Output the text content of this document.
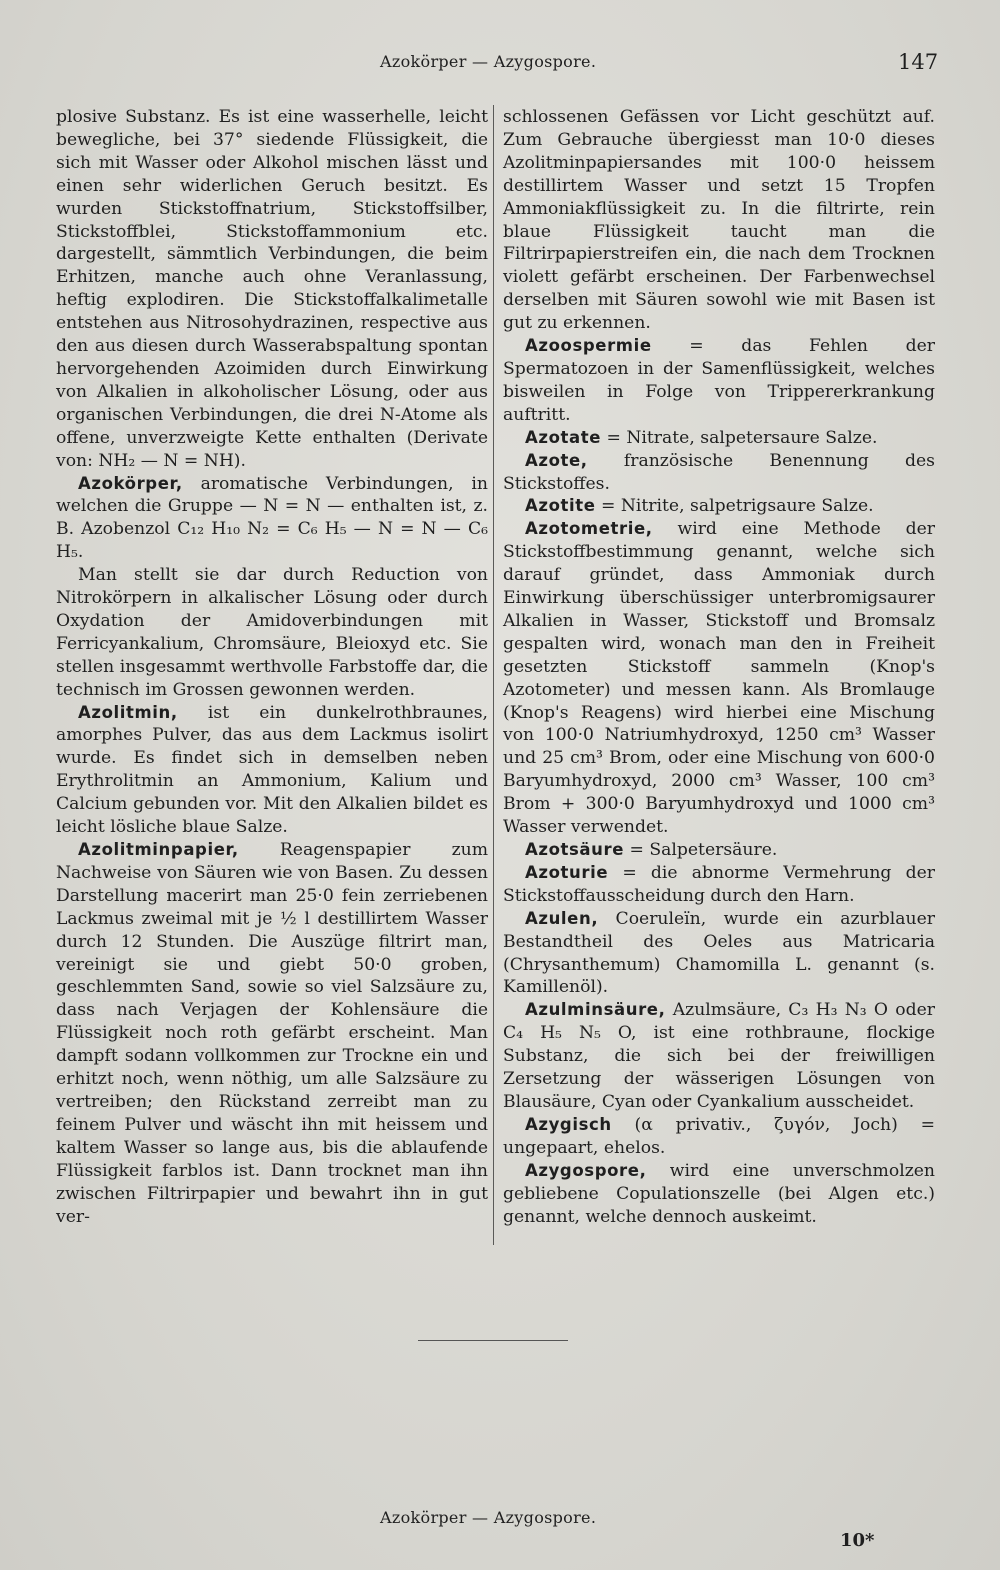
Azokörper — Azygospore.	147

plosive Substanz. Es ist eine wasserhelle, leicht bewegliche, bei 37° siedende Flüssigkeit, die sich mit Wasser oder Alkohol mischen lässt und einen sehr widerlichen Geruch besitzt. Es wurden Stickstoffnatrium, Stickstoffsilber, Stickstoffblei, Stickstoffammonium etc. dargestellt, sämmtlich Verbindungen, die beim Erhitzen, manche auch ohne Veranlassung, heftig explodiren. Die Stickstoffalkalimetalle entstehen aus Nitrosohydrazinen, respective aus den aus diesen durch Wasserabspaltung spontan hervorgehenden Azoimiden durch Einwirkung von Alkalien in alkoholischer Lösung, oder aus organischen Verbindungen, die drei N-Atome als offene, unverzweigte Kette enthalten (Derivate von: NH₂ — N = NH).

Azokörper, aromatische Verbindungen, in welchen die Gruppe — N = N — enthalten ist, z. B. Azobenzol C₁₂ H₁₀ N₂ = C₆ H₅ — N = N — C₆ H₅.

Man stellt sie dar durch Reduction von Nitrokörpern in alkalischer Lösung oder durch Oxydation der Amidoverbindungen mit Ferricyankalium, Chromsäure, Bleioxyd etc. Sie stellen insgesammt werthvolle Farbstoffe dar, die technisch im Grossen gewonnen werden.

Azolitmin, ist ein dunkelrothbraunes, amorphes Pulver, das aus dem Lackmus isolirt wurde. Es findet sich in demselben neben Erythrolitmin an Ammonium, Kalium und Calcium gebunden vor. Mit den Alkalien bildet es leicht lösliche blaue Salze.

Azolitminpapier, Reagenspapier zum Nachweise von Säuren wie von Basen. Zu dessen Darstellung macerirt man 25·0 fein zerriebenen Lackmus zweimal mit je ½ l destillirtem Wasser durch 12 Stunden. Die Auszüge filtrirt man, vereinigt sie und giebt 50·0 groben, geschlemmten Sand, sowie so viel Salzsäure zu, dass nach Verjagen der Kohlensäure die Flüssigkeit noch roth gefärbt erscheint. Man dampft sodann vollkommen zur Trockne ein und erhitzt noch, wenn nöthig, um alle Salzsäure zu vertreiben; den Rückstand zerreibt man zu feinem Pulver und wäscht ihn mit heissem und kaltem Wasser so lange aus, bis die ablaufende Flüssigkeit farblos ist. Dann trocknet man ihn zwischen Filtrirpapier und bewahrt ihn in gut ver-

schlossenen Gefässen vor Licht geschützt auf. Zum Gebrauche übergiesst man 10·0 dieses Azolitminpapiersandes mit 100·0 heissem destillirtem Wasser und setzt 15 Tropfen Ammoniakflüssigkeit zu. In die filtrirte, rein blaue Flüssigkeit taucht man die Filtrirpapierstreifen ein, die nach dem Trocknen violett gefärbt erscheinen. Der Farbenwechsel derselben mit Säuren sowohl wie mit Basen ist gut zu erkennen.

Azoospermie = das Fehlen der Spermatozoen in der Samenflüssigkeit, welches bisweilen in Folge von Trippererkrankung auftritt.

Azotate = Nitrate, salpetersaure Salze.

Azote, französische Benennung des Stickstoffes.

Azotite = Nitrite, salpetrigsaure Salze.

Azotometrie, wird eine Methode der Stickstoffbestimmung genannt, welche sich darauf gründet, dass Ammoniak durch Einwirkung überschüssiger unterbromigsaurer Alkalien in Wasser, Stickstoff und Bromsalz gespalten wird, wonach man den in Freiheit gesetzten Stickstoff sammeln (Knop's Azotometer) und messen kann. Als Bromlauge (Knop's Reagens) wird hierbei eine Mischung von 100·0 Natriumhydroxyd, 1250 cm³ Wasser und 25 cm³ Brom, oder eine Mischung von 600·0 Baryumhydroxyd, 2000 cm³ Wasser, 100 cm³ Brom + 300·0 Baryumhydroxyd und 1000 cm³ Wasser verwendet.

Azotsäure = Salpetersäure.

Azoturie = die abnorme Vermehrung der Stickstoffausscheidung durch den Harn.

Azulen, Coeruleïn, wurde ein azurblauer Bestandtheil des Oeles aus Matricaria (Chrysanthemum) Chamomilla L. genannt (s. Kamillenöl).

Azulminsäure, Azulmsäure, C₃ H₃ N₃ O oder C₄ H₅ N₅ O, ist eine rothbraune, flockige Substanz, die sich bei der freiwilligen Zersetzung der wässerigen Lösungen von Blausäure, Cyan oder Cyankalium ausscheidet.

Azygisch (α privativ., ζυγόν, Joch) = ungepaart, ehelos.

Azygospore, wird eine unverschmolzen gebliebene Copulationszelle (bei Algen etc.) genannt, welche dennoch auskeimt.

Azokörper — Azygospore.
10*
